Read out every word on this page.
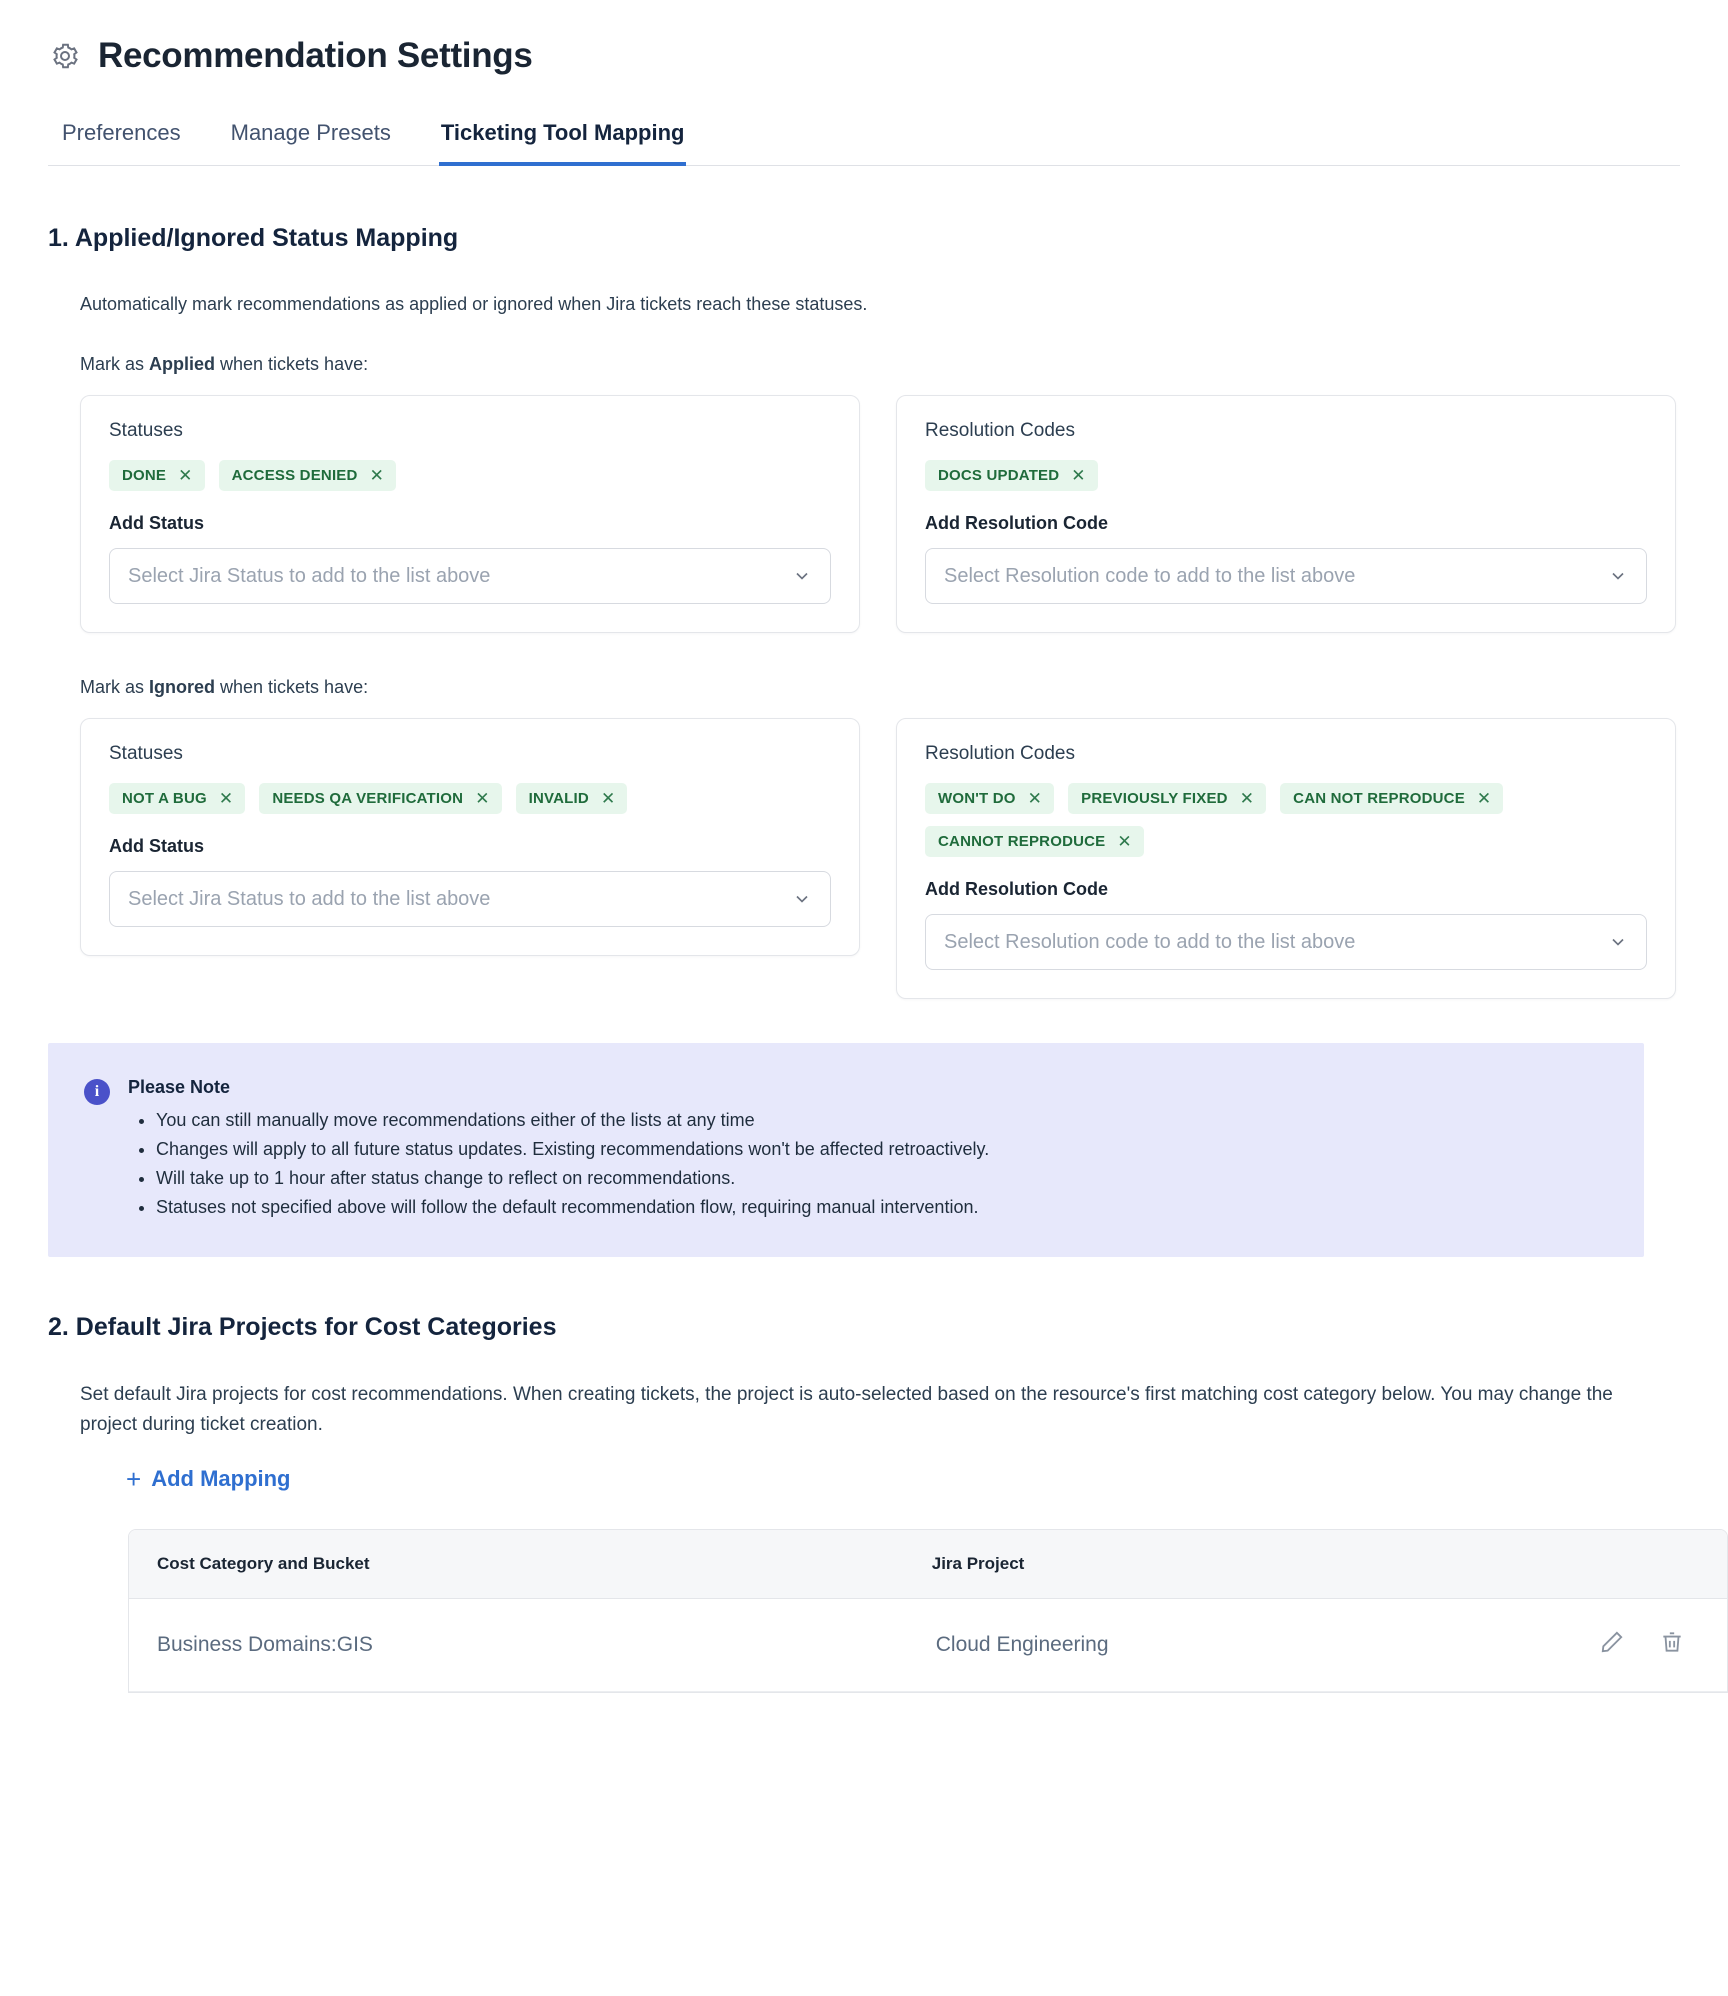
Recommendation Settings
Preferences Manage Presets Ticketing Tool Mapping
1. Applied/Ignored Status Mapping

Automatically mark recommendations as applied or ignored when Jira tickets reach these statuses.

Mark as Applied when tickets have:
Statuses
DONE ✕	ACCESS DENIED ✕
Add Status
Select Jira Status to add to the list above
Resolution Codes
DOCS UPDATED ✕
Add Resolution Code
Select Resolution code to add to the list above
Mark as Ignored when tickets have:
Statuses
NOT A BUG ✕	NEEDS QA VERIFICATION ✕	INVALID ✕
Add Status
Select Jira Status to add to the list above
Resolution Codes
WON'T DO ✕	PREVIOUSLY FIXED ✕	CAN NOT REPRODUCE ✕
CANNOT REPRODUCE ✕
Add Resolution Code
Select Resolution code to add to the list above
i	Please Note
• You can still manually move recommendations either of the lists at any time
• Changes will apply to all future status updates. Existing recommendations won't be affected retroactively.
• Will take up to 1 hour after status change to reflect on recommendations.
• Statuses not specified above will follow the default recommendation flow, requiring manual intervention.
2. Default Jira Projects for Cost Categories

Set default Jira projects for cost recommendations. When creating tickets, the project is auto-selected based on the resource's first matching cost category below. You may change the project during ticket creation.

+ Add Mapping
Cost Category and Bucket	Jira Project	
Business Domains:GIS	Cloud Engineering	
